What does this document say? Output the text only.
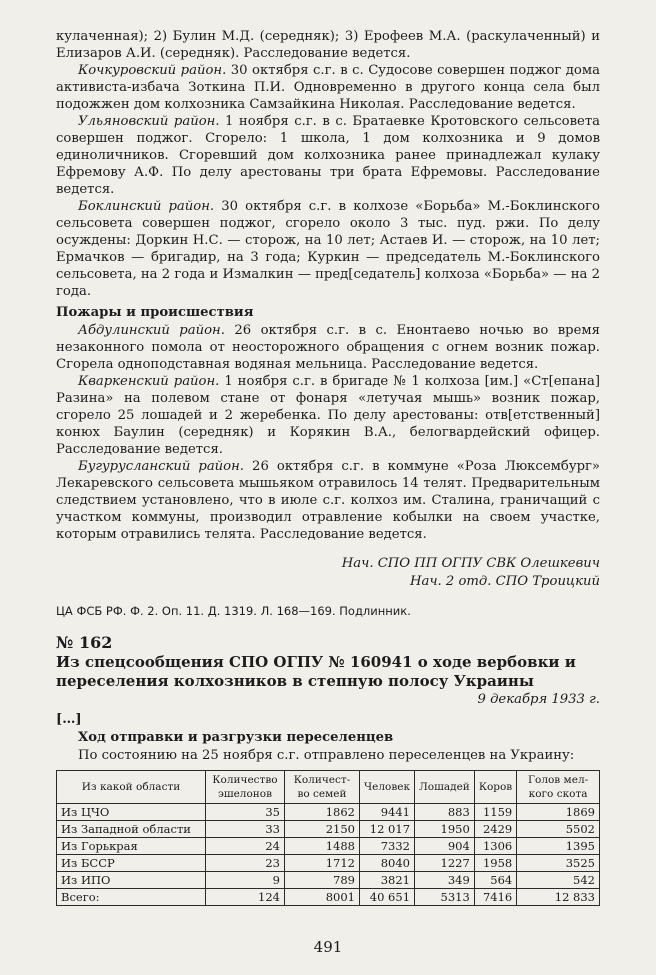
кулаченная); 2) Булин М.Д. (середняк); 3) Ерофеев М.А. (раскулаченный) и Елизаров А.И. (середняк). Расследование ведется.

Кочкуровский район. 30 октября с.г. в с. Судосове совершен поджог дома активиста-избача Зоткина П.И. Одновременно в другого конца села был подожжен дом колхозника Самзайкина Николая. Расследование ведется.

Ульяновский район. 1 ноября с.г. в с. Братаевке Кротовского сельсовета совершен поджог. Сгорело: 1 школа, 1 дом колхозника и 9 домов единоличников. Сгоревший дом колхозника ранее принадлежал кулаку Ефремову А.Ф. По делу арестованы три брата Ефремовы. Расследование ведется.

Боклинский район. 30 октября с.г. в колхозе «Борьба» М.-Боклинского сельсовета совершен поджог, сгорело около 3 тыс. пуд. ржи. По делу осуждены: Доркин Н.С. — сторож, на 10 лет; Астаев И. — сторож, на 10 лет; Ермачков — бригадир, на 3 года; Куркин — председатель М.-Боклинского сельсовета, на 2 года и Измалкин — пред[седатель] колхоза «Борьба» — на 2 года.

Пожары и происшествия

Абдулинский район. 26 октября с.г. в с. Енонтаево ночью во время незаконного помола от неосторожного обращения с огнем возник пожар. Сгорела одноподставная водяная мельница. Расследование ведется.

Кваркенский район. 1 ноября с.г. в бригаде № 1 колхоза [им.] «Ст[епана] Разина» на полевом стане от фонаря «летучая мышь» возник пожар, сгорело 25 лошадей и 2 жеребенка. По делу арестованы: отв[етственный] конюх Баулин (середняк) и Корякин В.А., белогвардейский офицер. Расследование ведется.

Бугурусланский район. 26 октября с.г. в коммуне «Роза Люксембург» Лекаревского сельсовета мышьяком отравилось 14 телят. Предварительным следствием установлено, что в июле с.г. колхоз им. Сталина, граничащий с участком коммуны, производил отравление кобылки на своем участке, которым отравились телята. Расследование ведется.

Нач. СПО ПП ОГПУ СВК Олешкевич
Нач. 2 отд. СПО Троицкий
ЦА ФСБ РФ. Ф. 2. Оп. 11. Д. 1319. Л. 168—169. Подлинник.
№ 162
Из спецсообщения СПО ОГПУ № 160941 о ходе вербовки и переселения колхозников в степную полосу Украины
9 декабря 1933 г.
[…]
Ход отправки и разгрузки переселенцев

По состоянию на 25 ноября с.г. отправлено переселенцев на Украину:

Из какой области	Количество эшелонов	Количест-во семей	Человек	Лошадей	Коров	Голов мел-кого скота
Из ЦЧО	35	1862	9441	883	1159	1869
Из Западной области	33	2150	12 017	1950	2429	5502
Из Горькрая	24	1488	7332	904	1306	1395
Из БССР	23	1712	8040	1227	1958	3525
Из ИПО	9	789	3821	349	564	542
Всего:	124	8001	40 651	5313	7416	12 833
491
